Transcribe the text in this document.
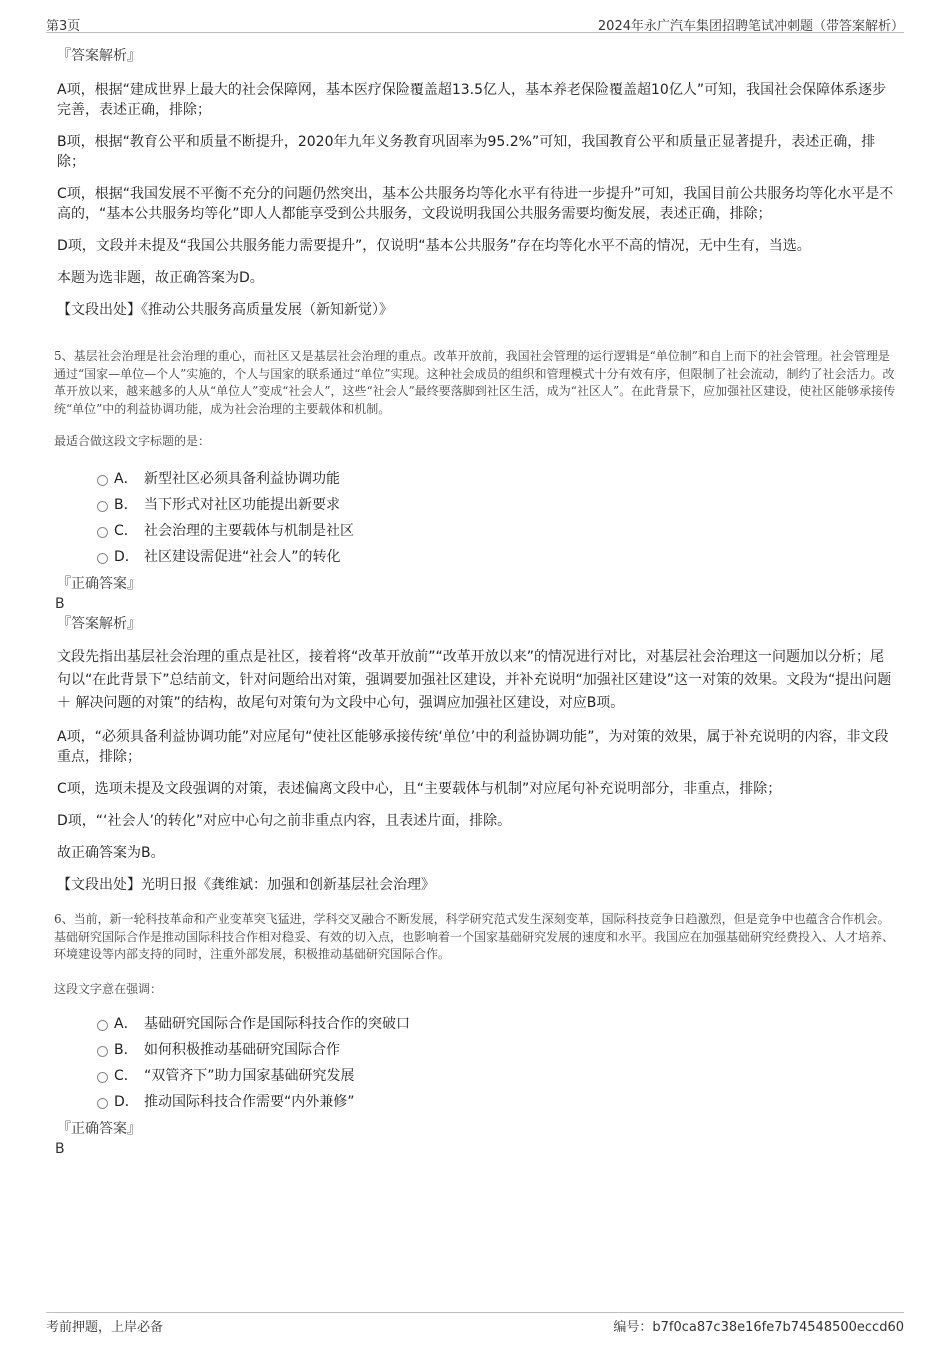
第3页	2024年永广汽车集团招聘笔试冲刺题（带答案解析）

『答案解析』

A项，根据“建成世界上最大的社会保障网，基本医疗保险覆盖超13.5亿人，基本养老保险覆盖超10亿人”可知，我国社会保障体系逐步完善，表述正确，排除；

B项，根据“教育公平和质量不断提升，2020年九年义务教育巩固率为95.2%”可知，我国教育公平和质量正显著提升，表述正确，排除；

C项，根据“我国发展不平衡不充分的问题仍然突出，基本公共服务均等化水平有待进一步提升”可知，我国目前公共服务均等化水平是不高的，“基本公共服务均等化”即人人都能享受到公共服务，文段说明我国公共服务需要均衡发展，表述正确，排除；

D项，文段并未提及“我国公共服务能力需要提升”，仅说明“基本公共服务”存在均等化水平不高的情况，无中生有，当选。

本题为选非题，故正确答案为D。

【文段出处】《推动公共服务高质量发展（新知新觉）》

5、基层社会治理是社会治理的重心，而社区又是基层社会治理的重点。改革开放前，我国社会管理的运行逻辑是“单位制”和自上而下的社会管理。社会管理是通过“国家—单位—个人”实施的，个人与国家的联系通过“单位”实现。这种社会成员的组织和管理模式十分有效有序，但限制了社会流动，制约了社会活力。改革开放以来，越来越多的人从“单位人”变成“社会人”，这些“社会人”最终要落脚到社区生活，成为“社区人”。在此背景下，应加强社区建设，使社区能够承接传统“单位”中的利益协调功能，成为社会治理的主要载体和机制。

最适合做这段文字标题的是：

A． 新型社区必须具备利益协调功能
B． 当下形式对社区功能提出新要求
C． 社会治理的主要载体与机制是社区
D． 社区建设需促进“社会人”的转化

『正确答案』

B

『答案解析』

文段先指出基层社会治理的重点是社区，接着将“改革开放前”“改革开放以来”的情况进行对比，对基层社会治理这一问题加以分析；尾句以“在此背景下”总结前文，针对问题给出对策，强调要加强社区建设，并补充说明“加强社区建设”这一对策的效果。文段为“提出问题 ＋ 解决问题的对策”的结构，故尾句对策句为文段中心句，强调应加强社区建设，对应B项。

A项，“必须具备利益协调功能”对应尾句“使社区能够承接传统‘单位’中的利益协调功能”，为对策的效果，属于补充说明的内容，非文段重点，排除；

C项，选项未提及文段强调的对策，表述偏离文段中心，且“主要载体与机制”对应尾句补充说明部分，非重点，排除；

D项，“‘社会人’的转化”对应中心句之前非重点内容，且表述片面，排除。

故正确答案为B。

【文段出处】光明日报《龚维斌：加强和创新基层社会治理》

6、当前，新一轮科技革命和产业变革突飞猛进，学科交叉融合不断发展，科学研究范式发生深刻变革，国际科技竞争日趋激烈，但是竞争中也蕴含合作机会。基础研究国际合作是推动国际科技合作相对稳妥、有效的切入点，也影响着一个国家基础研究发展的速度和水平。我国应在加强基础研究经费投入、人才培养、环境建设等内部支持的同时，注重外部发展，积极推动基础研究国际合作。

这段文字意在强调：

A． 基础研究国际合作是国际科技合作的突破口
B． 如何积极推动基础研究国际合作
C． “双管齐下”助力国家基础研究发展
D． 推动国际科技合作需要“内外兼修”

『正确答案』

B

考前押题，上岸必备	编号：b7f0ca87c38e16fe7b74548500eccd60
